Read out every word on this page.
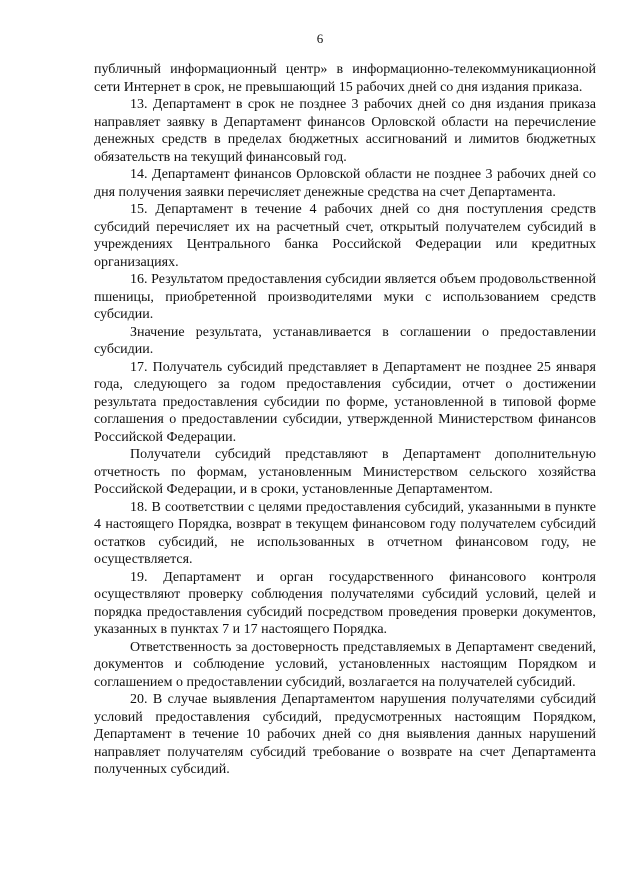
6

публичный информационный центр» в информационно-телекоммуникационной сети Интернет в срок, не превышающий 15 рабочих дней со дня издания приказа.

13. Департамент в срок не позднее 3 рабочих дней со дня издания приказа направляет заявку в Департамент финансов Орловской области на перечисление денежных средств в пределах бюджетных ассигнований и лимитов бюджетных обязательств на текущий финансовый год.

14. Департамент финансов Орловской области не позднее 3 рабочих дней со дня получения заявки перечисляет денежные средства на счет Департамента.

15. Департамент в течение 4 рабочих дней со дня поступления средств субсидий перечисляет их на расчетный счет, открытый получателем субсидий в учреждениях Центрального банка Российской Федерации или кредитных организациях.

16. Результатом предоставления субсидии является объем продовольственной пшеницы, приобретенной производителями муки с использованием средств субсидии.

Значение результата, устанавливается в соглашении о предоставлении субсидии.

17. Получатель субсидий представляет в Департамент не позднее 25 января года, следующего за годом предоставления субсидии, отчет о достижении результата предоставления субсидии по форме, установленной в типовой форме соглашения о предоставлении субсидии, утвержденной Министерством финансов Российской Федерации.

Получатели субсидий представляют в Департамент дополнительную отчетность по формам, установленным Министерством сельского хозяйства Российской Федерации, и в сроки, установленные Департаментом.

18. В соответствии с целями предоставления субсидий, указанными в пункте 4 настоящего Порядка, возврат в текущем финансовом году получателем субсидий остатков субсидий, не использованных в отчетном финансовом году, не осуществляется.

19. Департамент и орган государственного финансового контроля осуществляют проверку соблюдения получателями субсидий условий, целей и порядка предоставления субсидий посредством проведения проверки документов, указанных в пунктах 7 и 17 настоящего Порядка.

Ответственность за достоверность представляемых в Департамент сведений, документов и соблюдение условий, установленных настоящим Порядком и соглашением о предоставлении субсидий, возлагается на получателей субсидий.

20. В случае выявления Департаментом нарушения получателями субсидий условий предоставления субсидий, предусмотренных настоящим Порядком, Департамент в течение 10 рабочих дней со дня выявления данных нарушений направляет получателям субсидий требование о возврате на счет Департамента полученных субсидий.
